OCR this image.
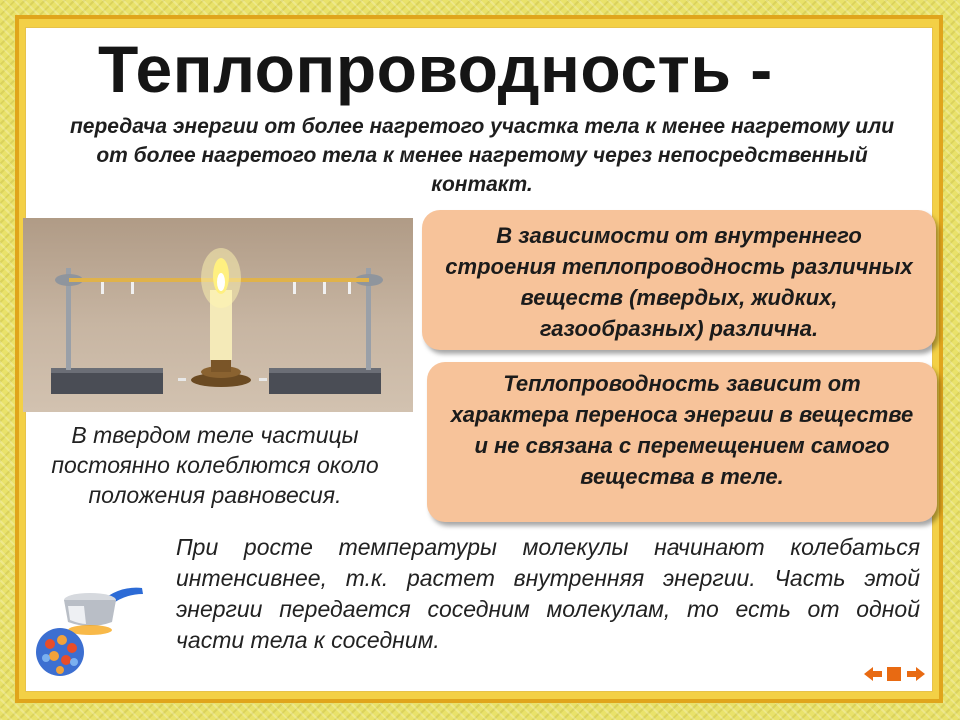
Теплопроводность -
передача энергии от более нагретого участка тела к менее нагретому или от более нагретого тела к менее нагретому через непосредственный контакт.
В зависимости от внутреннего строения теплопроводность различных веществ (твердых, жидких, газообразных) различна.
Теплопроводность зависит от характера переноса энергии в веществе и не связана с перемещением самого вещества в теле.
В твердом теле частицы постоянно колеблются около положения равновесия.
При росте температуры молекулы начинают колебаться интенсивнее, т.к. растет внутренняя энергии. Часть этой энергии передается соседним молекулам, то есть от одной части тела к соседним.
